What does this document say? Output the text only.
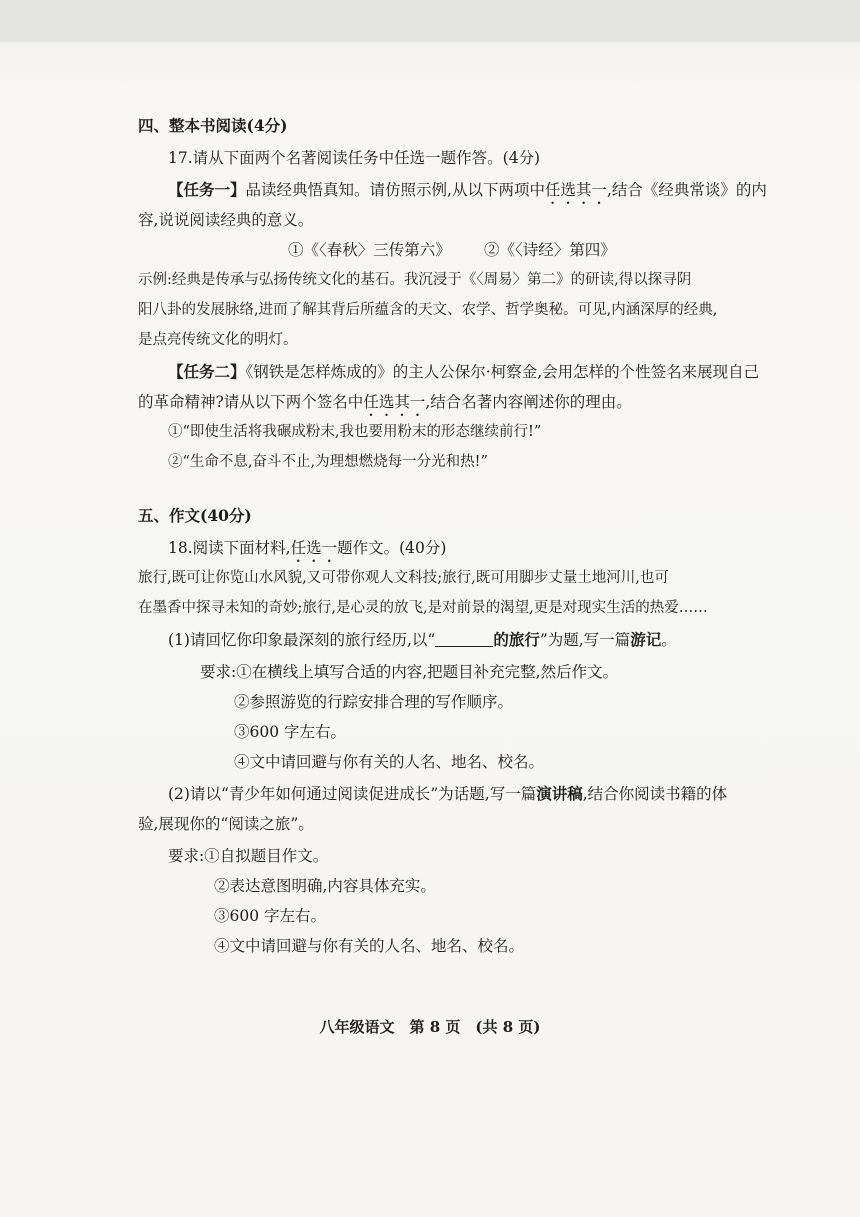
四、整本书阅读(4分)
17.请从下面两个名著阅读任务中任选一题作答。(4分)
【任务一】品读经典悟真知。请仿照示例,从以下两项中任选其一,结合《经典常谈》的内
容,说说阅读经典的意义。
①《〈春秋〉三传第六》 ②《〈诗经〉第四》
示例:经典是传承与弘扬传统文化的基石。我沉浸于《〈周易〉第二》的研读,得以探寻阴
阳八卦的发展脉络,进而了解其背后所蕴含的天文、农学、哲学奥秘。可见,内涵深厚的经典,
是点亮传统文化的明灯。
【任务二】《钢铁是怎样炼成的》的主人公保尔·柯察金,会用怎样的个性签名来展现自己
的革命精神?请从以下两个签名中任选其一,结合名著内容阐述你的理由。
①“即使生活将我碾成粉末,我也要用粉末的形态继续前行!”
②“生命不息,奋斗不止,为理想燃烧每一分光和热!”
五、作文(40分)
18.阅读下面材料,任选一题作文。(40分)
旅行,既可让你览山水风貌,又可带你观人文科技;旅行,既可用脚步丈量土地河川,也可
在墨香中探寻未知的奇妙;旅行,是心灵的放飞,是对前景的渴望,更是对现实生活的热爱……
(1)请回忆你印象最深刻的旅行经历,以“	的旅行”为题,写一篇游记。
要求:①在横线上填写合适的内容,把题目补充完整,然后作文。
②参照游览的行踪安排合理的写作顺序。
③600 字左右。
④文中请回避与你有关的人名、地名、校名。
(2)请以“青少年如何通过阅读促进成长”为话题,写一篇演讲稿,结合你阅读书籍的体
验,展现你的“阅读之旅”。
要求:①自拟题目作文。
②表达意图明确,内容具体充实。
③600 字左右。
④文中请回避与你有关的人名、地名、校名。
八年级语文　第 8 页　(共 8 页)
